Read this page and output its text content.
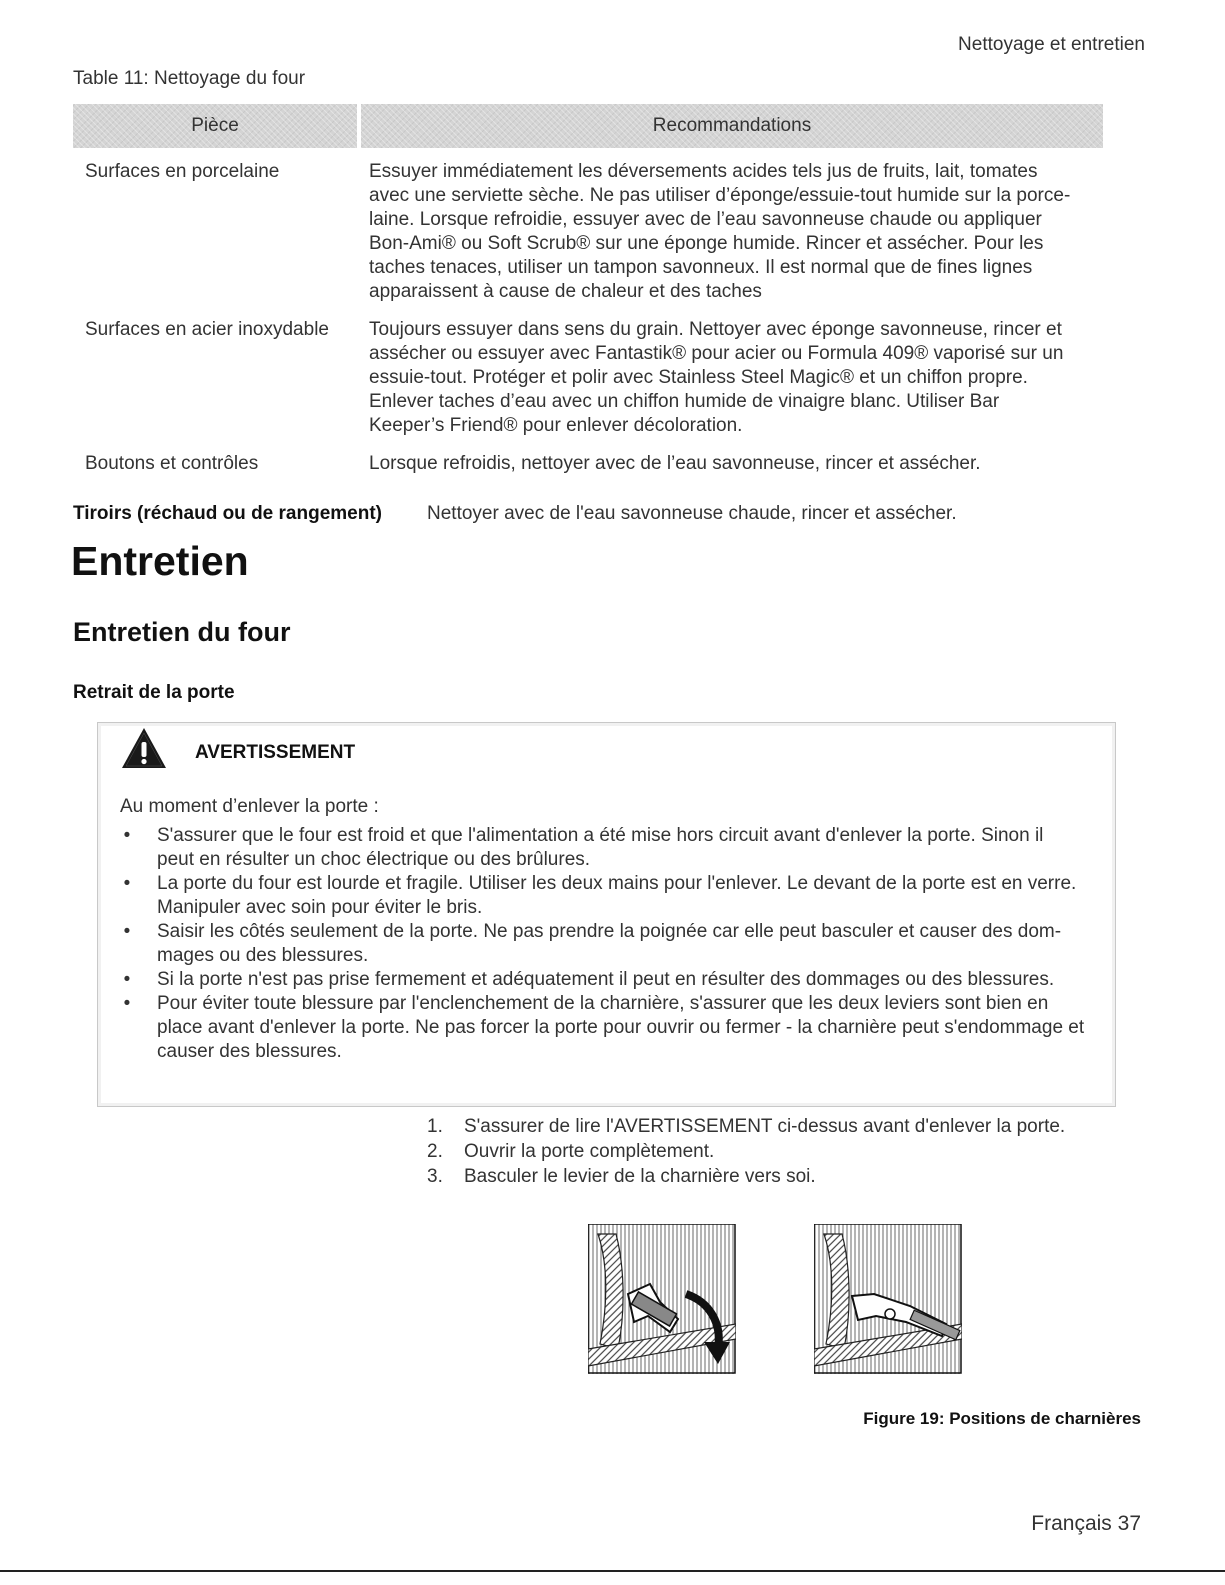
Nettoyage et entretien
Table 11: Nettoyage du four
Pièce	Recommandations
Surfaces en porcelaine	Essuyer immédiatement les déversements acides tels jus de fruits, lait, tomates
avec une serviette sèche. Ne pas utiliser d’éponge/essuie-tout humide sur la porce-
laine. Lorsque refroidie, essuyer avec de l’eau savonneuse chaude ou appliquer
Bon-Ami® ou Soft Scrub® sur une éponge humide. Rincer et assécher. Pour les
taches tenaces, utiliser un tampon savonneux. Il est normal que de fines lignes
apparaissent à cause de chaleur et des taches
Surfaces en acier inoxydable	Toujours essuyer dans sens du grain. Nettoyer avec éponge savonneuse, rincer et
assécher ou essuyer avec Fantastik® pour acier ou Formula 409® vaporisé sur un
essuie-tout. Protéger et polir avec Stainless Steel Magic® et un chiffon propre.
Enlever taches d’eau avec un chiffon humide de vinaigre blanc. Utiliser Bar
Keeper’s Friend® pour enlever décoloration.
Boutons et contrôles	Lorsque refroidis, nettoyer avec de l’eau savonneuse, rincer et assécher.
Tiroirs (réchaud ou de rangement)	Nettoyer avec de l'eau savonneuse chaude, rincer et assécher.
Entretien
Entretien du four
Retrait de la porte
AVERTISSEMENT
Au moment d’enlever la porte :
• S'assurer que le four est froid et que l'alimentation a été mise hors circuit avant d'enlever la porte. Sinon il
peut en résulter un choc électrique ou des brûlures.
• La porte du four est lourde et fragile. Utiliser les deux mains pour l'enlever. Le devant de la porte est en verre.
Manipuler avec soin pour éviter le bris.
• Saisir les côtés seulement de la porte. Ne pas prendre la poignée car elle peut basculer et causer des dom-
mages ou des blessures.
• Si la porte n'est pas prise fermement et adéquatement il peut en résulter des dommages ou des blessures.
• Pour éviter toute blessure par l'enclenchement de la charnière, s'assurer que les deux leviers sont bien en
place avant d'enlever la porte. Ne pas forcer la porte pour ouvrir ou fermer - la charnière peut s'endommage et
causer des blessures.
1.	S'assurer de lire l'AVERTISSEMENT ci-dessus avant d'enlever la porte.
2.	Ouvrir la porte complètement.
3.	Basculer le levier de la charnière vers soi.
Figure 19: Positions de charnières
Français 37
